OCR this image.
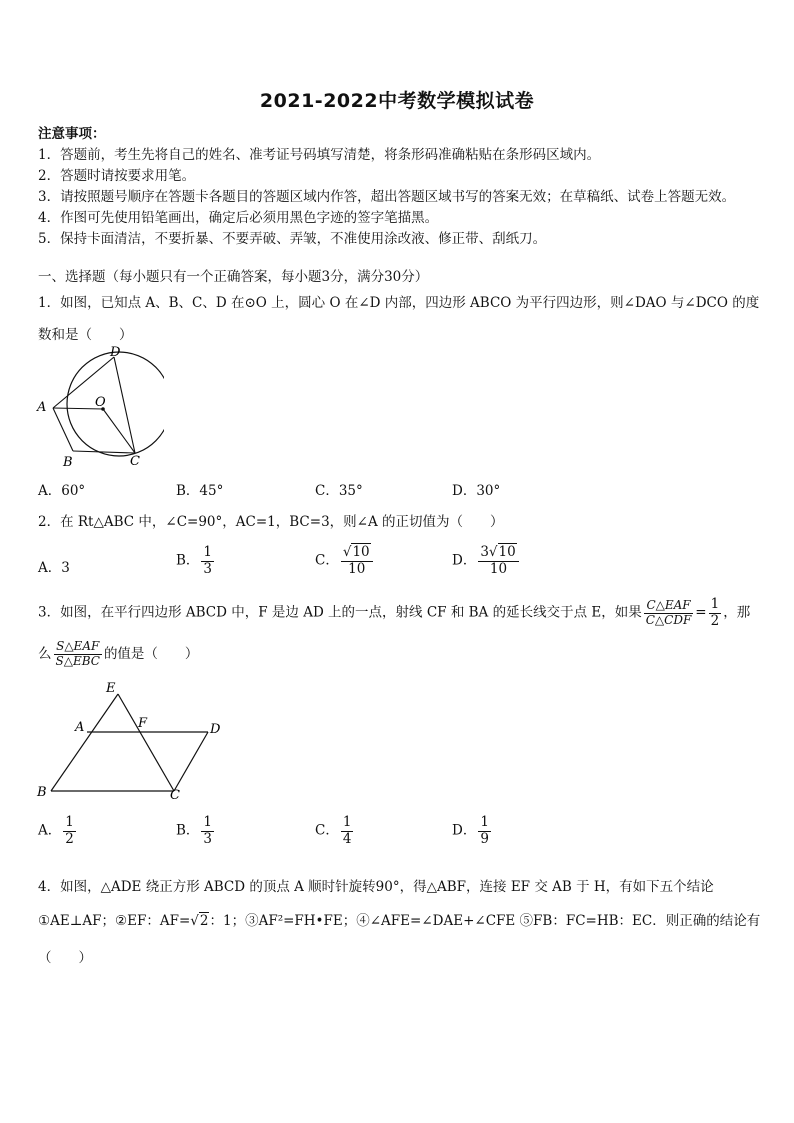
2021-2022中考数学模拟试卷
注意事项：
1．答题前，考生先将自己的姓名、准考证号码填写清楚，将条形码准确粘贴在条形码区域内。
2．答题时请按要求用笔。
3．请按照题号顺序在答题卡各题目的答题区域内作答，超出答题区域书写的答案无效；在草稿纸、试卷上答题无效。
4．作图可先使用铅笔画出，确定后必须用黑色字迹的签字笔描黑。
5．保持卡面清洁，不要折暴、不要弄破、弄皱，不准使用涂改液、修正带、刮纸刀。
一、选择题（每小题只有一个正确答案，每小题3分，满分30分）
1．如图，已知点 A、B、C、D 在⊙O 上，圆心 O 在∠D 内部，四边形 ABCO 为平行四边形，则∠DAO 与∠DCO 的度
数和是（　　）
D
A	O
B	C
A．60°	B．45°	C．35°	D．30°
2．在 Rt△ABC 中，∠C=90°，AC=1，BC=3，则∠A 的正切值为（　　）
A．3	B． $\frac{1}{3}$	C． $\frac{√10}{10}$	D． $\frac{3√10}{10}$
3．如图，在平行四边形 ABCD 中，F 是边 AD 上的一点，射线 CF 和 BA 的延长线交于点 E，如果 $\frac{\text{C△EAF}}{\text{C△CDF}} = \frac{1}{2}$ ，那
么 $\frac{\text{S△EAF}}{\text{S△EBC}}$ 的值是（　　）
E
A	F	D
B	C
A． $\frac{1}{2}$	B． $\frac{1}{3}$	C． $\frac{1}{4}$	D． $\frac{1}{9}$
4．如图，△ADE 绕正方形 ABCD 的顶点 A 顺时针旋转90°，得△ABF，连接 EF 交 AB 于 H，有如下五个结论
①AE⊥AF；②EF：AF=√2：1；③AF²=FH•FE；④∠AFE=∠DAE+∠CFE ⑤FB：FC=HB：EC．则正确的结论有
（　　）
